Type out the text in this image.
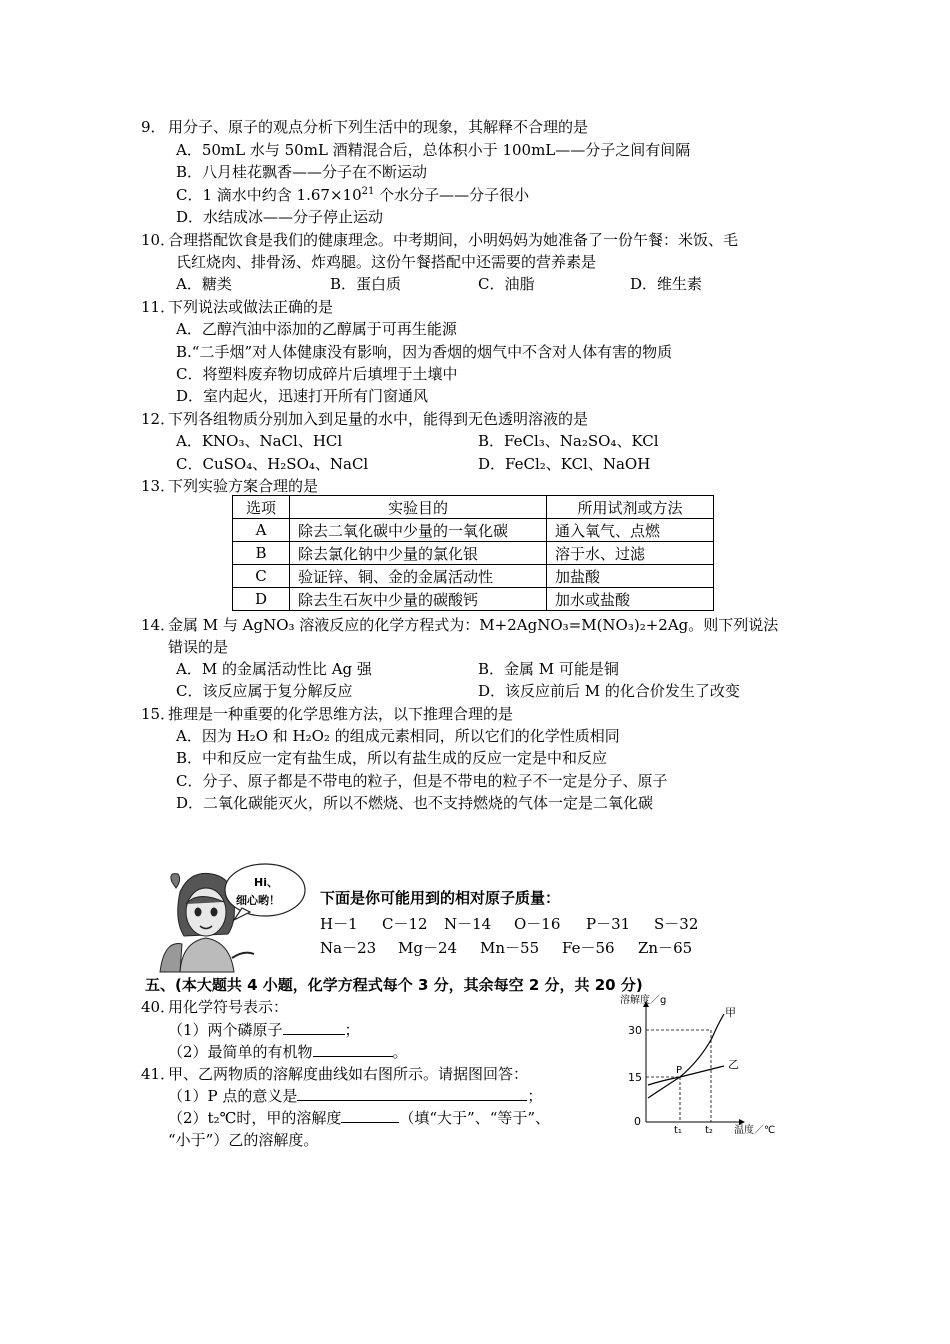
9． 用分子、原子的观点分析下列生活中的现象，其解释不合理的是
A．50mL 水与 50mL 酒精混合后，总体积小于 100mL——分子之间有间隔
B．八月桂花飘香——分子在不断运动
C．1 滴水中约含 $1.67\times 10^{21}$ 个水分子——分子很小
D．水结成冰——分子停止运动
10．
合理搭配饮食是我们的健康理念。中考期间，小明妈妈为她准备了一份午餐：米饭、毛
氏红烧肉、排骨汤、炸鸡腿。这份午餐搭配中还需要的营养素是
A．糖类	B．蛋白质	C．油脂	D．维生素
11．
下列说法或做法正确的是
A．乙醇汽油中添加的乙醇属于可再生能源
B.“二手烟”对人体健康没有影响，因为香烟的烟气中不含对人体有害的物质
C．将塑料废弃物切成碎片后填埋于土壤中
D．室内起火，迅速打开所有门窗通风
12．
下列各组物质分别加入到足量的水中，能得到无色透明溶液的是
A．KNO₃、NaCl、HCl	B．FeCl₃、Na₂SO₄、KCl
C．CuSO₄、H₂SO₄、NaCl	D．FeCl₂、KCl、NaOH
13．
下列实验方案合理的是
选项	实验目的	所用试剂或方法
A	除去二氧化碳中少量的一氧化碳	通入氧气、点燃
B	除去氯化钠中少量的氯化银	溶于水、过滤
C	验证锌、铜、金的金属活动性	加盐酸
D	除去生石灰中少量的碳酸钙	加水或盐酸
14．
金属 M 与 AgNO₃ 溶液反应的化学方程式为：M+2AgNO₃=M(NO₃)₂+2Ag。则下列说法
错误的是
A．M 的金属活动性比 Ag 强	B．金属 M 可能是铜
C．该反应属于复分解反应	D．该反应前后 M 的化合价发生了改变
15．
推理是一种重要的化学思维方法，以下推理合理的是
A．因为 H₂O 和 H₂O₂ 的组成元素相同，所以它们的化学性质相同
B．中和反应一定有盐生成，所以有盐生成的反应一定是中和反应
C．分子、原子都是不带电的粒子，但是不带电的粒子不一定是分子、原子
D．二氧化碳能灭火，所以不燃烧、也不支持燃烧的气体一定是二氧化碳
Hi、
细心哟！	下面是你可能用到的相对原子质量：
H－1 C－12 N－14 O－16 P－31 S－32
Na－23 Mg－24 Mn－55 Fe－56 Zn－65
五、(本大题共 4 小题，化学方程式每个 3 分，其余每空 2 分，共 20 分)
40．
用化学符号表示：
（1）两个磷原子	；
（2）最简单的有机物	。
41．
甲、乙两物质的溶解度曲线如右图所示。请据图回答：
（1）P 点的意义是	；
（2）t₂℃时，甲的溶解度	（填“大于”、“等于”、
“小于”）乙的溶解度。
溶解度／g
温度／℃
30
15
0
t₁ t₂
甲
乙
P
